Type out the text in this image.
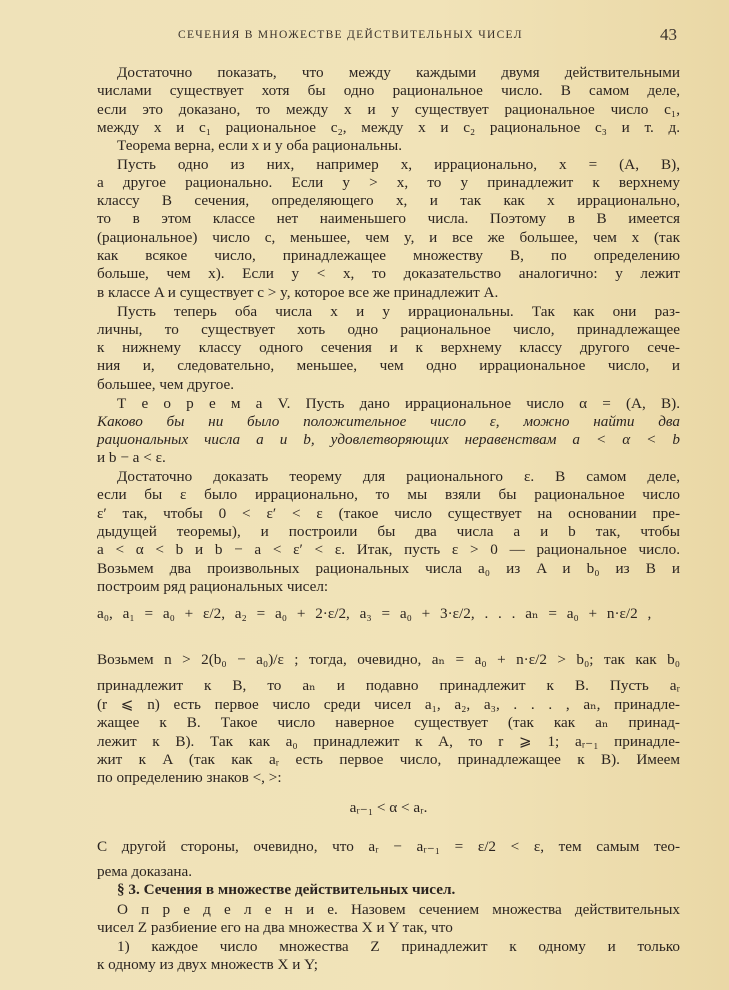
СЕЧЕНИЯ В МНОЖЕСТВЕ ДЕЙСТВИТЕЛЬНЫХ ЧИСЕЛ	43
Достаточно показать, что между каждыми двумя действительными
числами существует хотя бы одно рациональное число. В самом деле,
если это доказано, то между x и y существует рациональное число c₁,
между x и c₁ рациональное c₂, между x и c₂ рациональное c₃ и т. д.
Теорема верна, если x и y оба рациональны.
Пусть одно из них, например x, иррационально, x = (A, B),
а другое рационально. Если y > x, то y принадлежит к верхнему
классу B сечения, определяющего x, и так как x иррационально,
то в этом классе нет наименьшего числа. Поэтому в B имеется
(рациональное) число c, меньшее, чем y, и все же большее, чем x (так
как всякое число, принадлежащее множеству B, по определению
больше, чем x). Если y < x, то доказательство аналогично: y лежит
в классе A и существует c > y, которое все же принадлежит A.
Пусть теперь оба числа x и y иррациональны. Так как они раз-
личны, то существует хоть одно рациональное число, принадлежащее
к нижнему классу одного сечения и к верхнему классу другого сече-
ния и, следовательно, меньшее, чем одно иррациональное число, и
большее, чем другое.
Т е о р е м а V. Пусть дано иррациональное число α = (A, B).
Каково бы ни было положительное число ε, можно найти два
рациональных числа a и b, удовлетворяющих неравенствам a < α < b
и b − a < ε.
Достаточно доказать теорему для рационального ε. В самом деле,
если бы ε было иррационально, то мы взяли бы рациональное число
ε′ так, чтобы 0 < ε′ < ε (такое число существует на основании пре-
дыдущей теоремы), и построили бы два числа a и b так, чтобы
a < α < b и b − a < ε′ < ε. Итак, пусть ε > 0 — рациональное число.
Возьмем два произвольных рациональных числа a₀ из A и b₀ из B и
построим ряд рациональных чисел:
a₀, a₁ = a₀ + ε/2, a₂ = a₀ + 2·ε/2, a₃ = a₀ + 3·ε/2, . . . aₙ = a₀ + n·ε/2 ,
Возьмем n > 2(b₀ − a₀)/ε ; тогда, очевидно, aₙ = a₀ + n·ε/2 > b₀; так как b₀
принадлежит к B, то aₙ и подавно принадлежит к B. Пусть aᵣ
(r ⩽ n) есть первое число среди чисел a₁, a₂, a₃, . . . , aₙ, принадле-
жащее к B. Такое число наверное существует (так как aₙ принад-
лежит к B). Так как a₀ принадлежит к A, то r ⩾ 1; aᵣ₋₁ принадле-
жит к A (так как aᵣ есть первое число, принадлежащее к B). Имеем
по определению знаков <, >:
aᵣ₋₁ < α < aᵣ.
С другой стороны, очевидно, что aᵣ − aᵣ₋₁ = ε/2 < ε, тем самым тео-
рема доказана.
§ 3. Сечения в множестве действительных чисел.
О п р е д е л е н и е. Назовем сечением множества действительных
чисел Z разбиение его на два множества X и Y так, что
1) каждое число множества Z принадлежит к одному и только
к одному из двух множеств X и Y;
